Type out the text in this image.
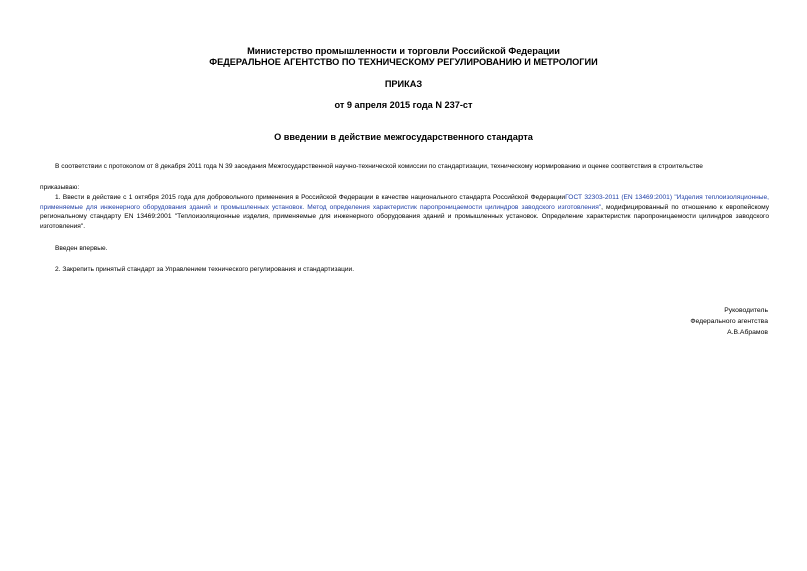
Министерство промышленности и торговли Российской Федерации
ФЕДЕРАЛЬНОЕ АГЕНТСТВО ПО ТЕХНИЧЕСКОМУ РЕГУЛИРОВАНИЮ И МЕТРОЛОГИИ
ПРИКАЗ
от 9 апреля 2015 года N 237-ст
О введении в действие межгосударственного стандарта
В соответствии с протоколом от 8 декабря 2011 года N 39 заседания Межгосударственной научно-технической комиссии по стандартизации, техническому нормированию и оценке соответствия в строительстве
приказываю:
1. Ввести в действие с 1 октября 2015 года для добровольного применения в Российской Федерации в качестве национального стандарта Российской ФедерацииГОСТ 32303-2011 (EN 13469:2001) "Изделия теплоизоляционные, применяемые для инженерного оборудования зданий и промышленных установок. Метод определения характеристик паропроницаемости цилиндров заводского изготовления", модифицированный по отношению к европейскому региональному стандарту EN 13469:2001 "Теплоизоляционные изделия, применяемые для инженерного оборудования зданий и промышленных установок. Определение характеристик паропроницаемости цилиндров заводского изготовления".
Введен впервые.
2. Закрепить принятый стандарт за Управлением технического регулирования и стандартизации.
Руководитель
Федерального агентства
А.В.Абрамов
